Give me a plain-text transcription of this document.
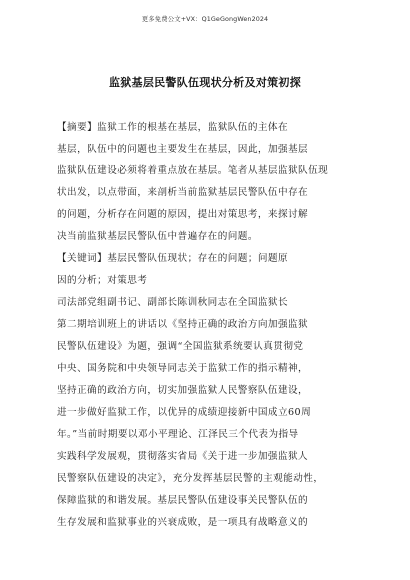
更多免费公文+VX：Q1GeGongWen2024
监狱基层民警队伍现状分析及对策初探
【摘要】监狱工作的根基在基层，监狱队伍的主体在
基层，队伍中的问题也主要发生在基层，因此，加强基层
监狱队伍建设必须将着重点放在基层。笔者从基层监狱队伍现
状出发，以点带面，来剖析当前监狱基层民警队伍中存在
的问题，分析存在问题的原因，提出对策思考，来探讨解
决当前监狱基层民警队伍中普遍存在的问题。
【关键词】基层民警队伍现状；存在的问题；问题原
因的分析；对策思考
司法部党组副书记、副部长陈训秋同志在全国监狱长
第二期培训班上的讲话以《坚持正确的政治方向加强监狱
民警队伍建设》为题，强调“全国监狱系统要认真贯彻党
中央、国务院和中央领导同志关于监狱工作的指示精神，
坚持正确的政治方向，切实加强监狱人民警察队伍建设，
进一步做好监狱工作，以优异的成绩迎接新中国成立60周
年。”当前时期要以邓小平理论、江泽民三个代表为指导
实践科学发展观，贯彻落实省局《关于进一步加强监狱人
民警察队伍建设的决定》，充分发挥基层民警的主观能动性，
保障监狱的和谐发展。基层民警队伍建设事关民警队伍的
生存发展和监狱事业的兴衰成败，是一项具有战略意义的
